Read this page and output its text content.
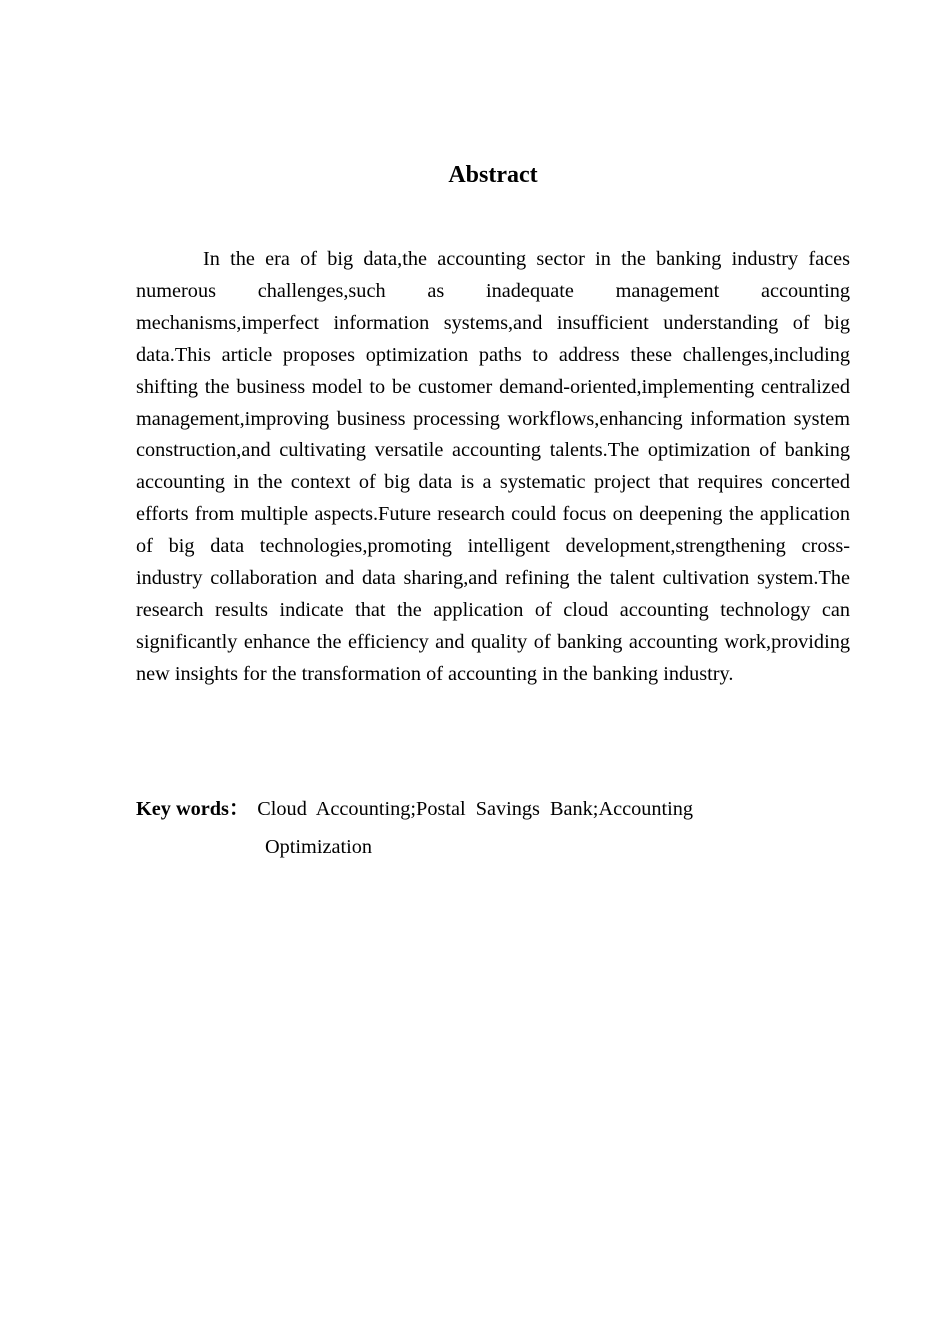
Abstract

In the era of big data,the accounting sector in the banking industry faces numerous challenges,such as inadequate management accounting mechanisms,imperfect information systems,and insufficient understanding of big data.This article proposes optimization paths to address these challenges,including shifting the business model to be customer demand-oriented,implementing centralized management,improving business processing workflows,enhancing information system construction,and cultivating versatile accounting talents.The optimization of banking accounting in the context of big data is a systematic project that requires concerted efforts from multiple aspects.Future research could focus on deepening the application of big data technologies,promoting intelligent development,strengthening cross-industry collaboration and data sharing,and refining the talent cultivation system.The research results indicate that the application of cloud accounting technology can significantly enhance the efficiency and quality of banking accounting work,providing new insights for the transformation of accounting in the banking industry.

Key words ： Cloud Accounting;Postal Savings Bank;Accounting
Optimization
